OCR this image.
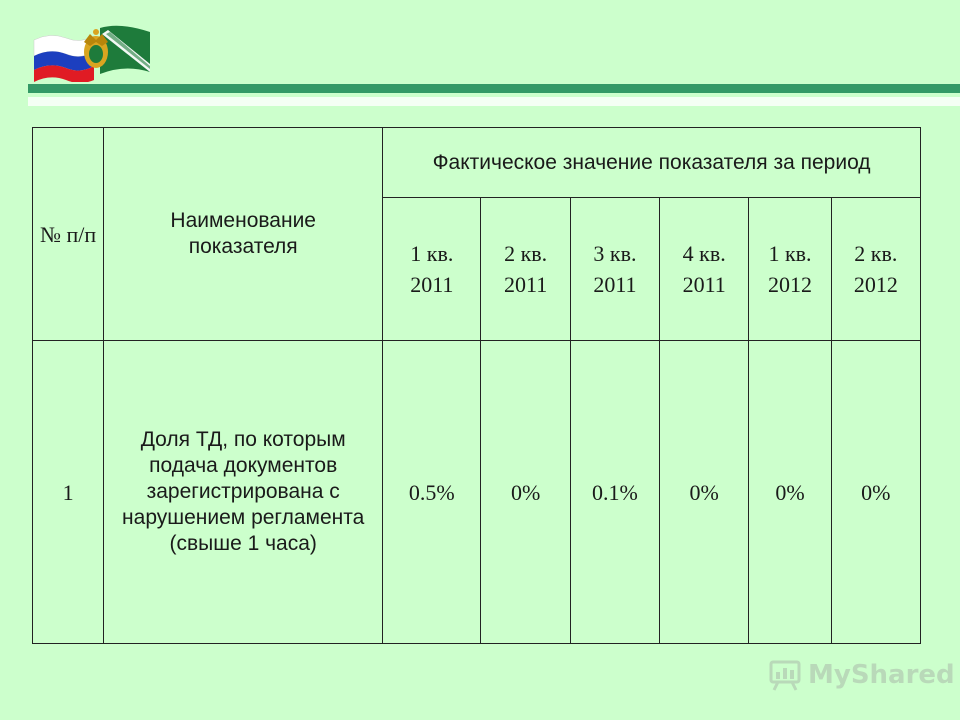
№ п/п	Наименование показателя	Фактическое значение показателя за период					
		1 кв. 2011	2 кв. 2011	3 кв. 2011	4 кв. 2011	1 кв. 2012	2 кв. 2012
1	Доля ТД, по которым подача документов зарегистрирована с нарушением регламента (свыше 1 часа)	0.5%	0%	0.1%	0%	0%	0%
MyShared
